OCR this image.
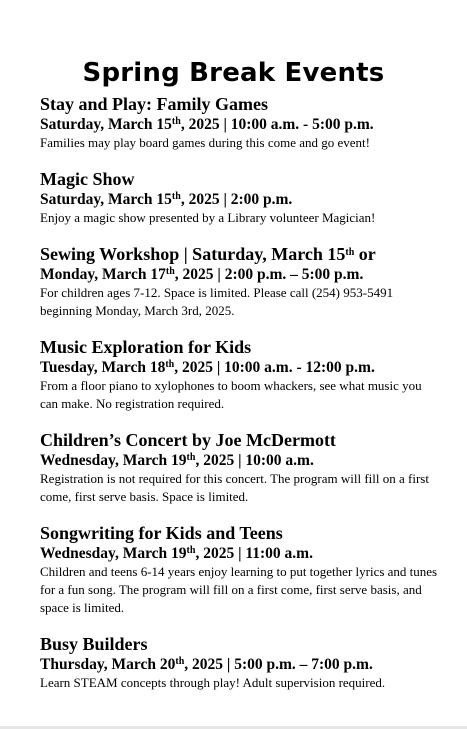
Spring Break Events
Stay and Play: Family Games
Saturday, March 15th, 2025 | 10:00 a.m. - 5:00 p.m.
Families may play board games during this come and go event!
Magic Show
Saturday, March 15th, 2025 | 2:00 p.m.
Enjoy a magic show presented by a Library volunteer Magician!
Sewing Workshop | Saturday, March 15th or
Monday, March 17th, 2025 | 2:00 p.m. – 5:00 p.m.
For children ages 7-12. Space is limited. Please call (254) 953-5491 beginning Monday, March 3rd, 2025.
Music Exploration for Kids
Tuesday, March 18th, 2025 | 10:00 a.m. - 12:00 p.m.
From a floor piano to xylophones to boom whackers, see what music you can make. No registration required.
Children’s Concert by Joe McDermott
Wednesday, March 19th, 2025 | 10:00 a.m.
Registration is not required for this concert. The program will fill on a first come, first serve basis. Space is limited.
Songwriting for Kids and Teens
Wednesday, March 19th, 2025 | 11:00 a.m.
Children and teens 6-14 years enjoy learning to put together lyrics and tunes for a fun song. The program will fill on a first come, first serve basis, and space is limited.
Busy Builders
Thursday, March 20th, 2025 | 5:00 p.m. – 7:00 p.m.
Learn STEAM concepts through play! Adult supervision required.
